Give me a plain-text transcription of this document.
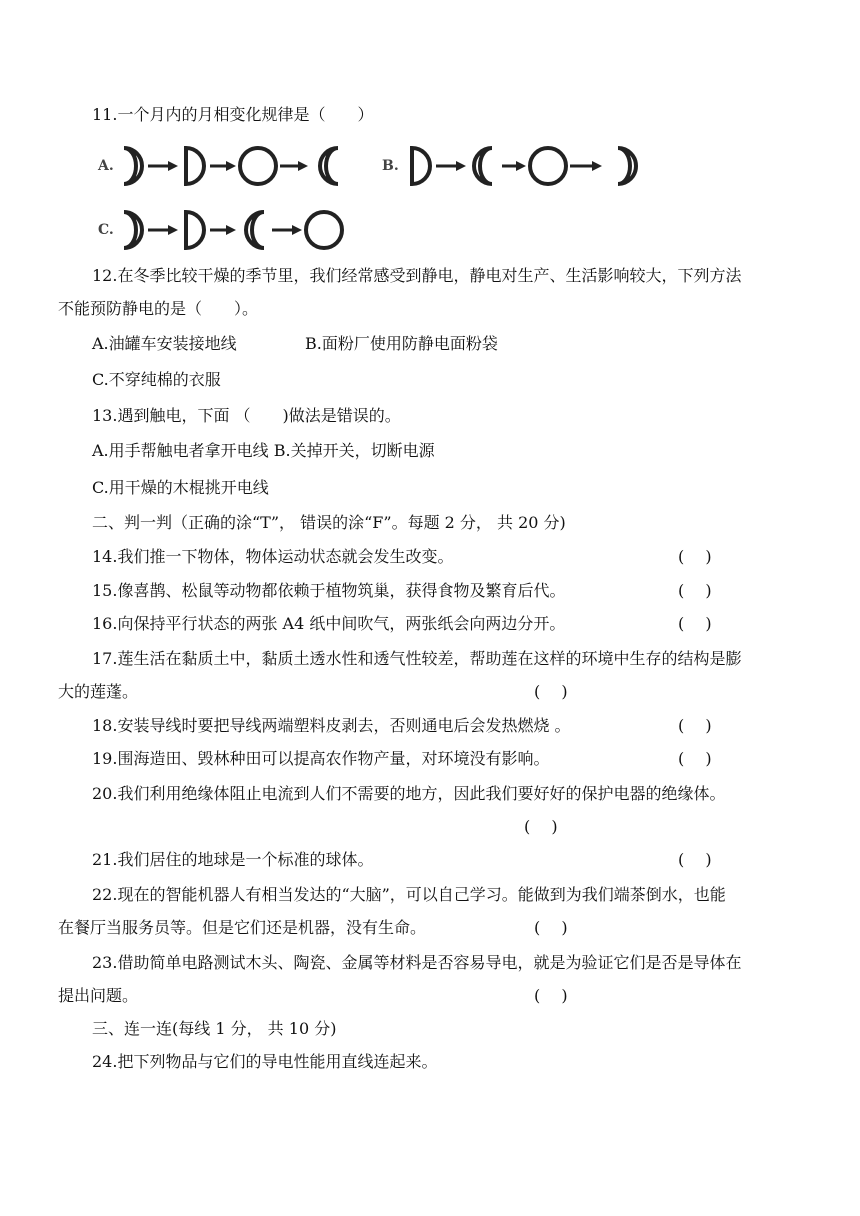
11.一个月内的月相变化规律是（　　）
A.	B.
C.
12.在冬季比较干燥的季节里，我们经常感受到静电，静电对生产、生活影响较大，下列方法
不能预防静电的是（　　）。
A.油罐车安装接地线	B.面粉厂使用防静电面粉袋
C.不穿纯棉的衣服
13.遇到触电，下面 （　　)做法是错误的。
A.用手帮触电者拿开电线 B.关掉开关，切断电源
C.用干燥的木棍挑开电线
二、判一判（正确的涂“T”， 错误的涂“F”。每题 2 分， 共 20 分)
14.我们推一下物体，物体运动状态就会发生改变。	(　 )
15.像喜鹊、松鼠等动物都依赖于植物筑巢，获得食物及繁育后代。	(　 )
16.向保持平行状态的两张 A4 纸中间吹气，两张纸会向两边分开。	(　 )
17.莲生活在黏质土中，黏质土透水性和透气性较差，帮助莲在这样的环境中生存的结构是膨
大的莲蓬。	(　 )
18.安装导线时要把导线两端塑料皮剥去，否则通电后会发热燃烧 。	(　 )
19.围海造田、毁林种田可以提高农作物产量，对环境没有影响。	(　 )
20.我们利用绝缘体阻止电流到人们不需要的地方，因此我们要好好的保护电器的绝缘体。
(　 )
21.我们居住的地球是一个标准的球体。	(　 )
22.现在的智能机器人有相当发达的“大脑”，可以自己学习。能做到为我们端茶倒水，也能
在餐厅当服务员等。但是它们还是机器，没有生命。	(　 )
23.借助简单电路测试木头、陶瓷、金属等材料是否容易导电，就是为验证它们是否是导体在
提出问题。	(　 )
三、连一连(每线 1 分， 共 10 分)
24.把下列物品与它们的导电性能用直线连起来。
